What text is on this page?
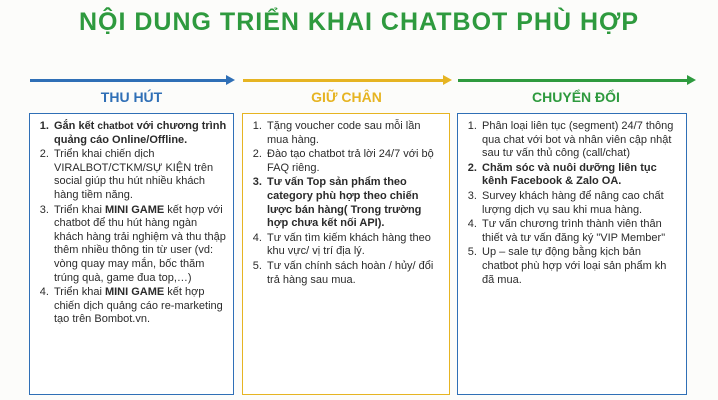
NỘI DUNG TRIỂN KHAI CHATBOT PHÙ HỢP
THU HÚT	GIỮ CHÂN	CHUYỂN ĐỔI
1. Gắn kết chatbot với chương trình quảng cáo Online/Offline.
2. Triển khai chiến dịch VIRALBOT/CTKM/SỰ KIỆN trên social giúp thu hút nhiều khách hàng tiềm năng.
3. Triển khai MINI GAME kết hợp với chatbot để thu hút hàng ngàn khách hàng trải nghiệm và thu thập thêm nhiều thông tin từ user (vd: vòng quay may mắn, bốc thăm trúng quà, game đua top,…)
4. Triển khai MINI GAME kết hợp chiến dịch quảng cáo re-marketing tạo trên Bombot.vn.
1. Tặng voucher code sau mỗi lần mua hàng.
2. Đào tạo chatbot trả lời 24/7 với bộ FAQ riêng.
3. Tư vấn Top sản phẩm theo category phù hợp theo chiến lược bán hàng( Trong trường hợp chưa kết nối API).
4. Tư vấn tìm kiếm khách hàng theo khu vực/ vị trí địa lý.
5. Tư vấn chính sách hoàn / hủy/ đổi trả hàng sau mua.
1. Phân loại liên tục (segment) 24/7 thông qua chat với bot và nhân viên cập nhật sau tư vấn thủ công (call/chat)
2. Chăm sóc và nuôi dưỡng liên tục kênh Facebook & Zalo OA.
3. Survey khách hàng để nâng cao chất lượng dịch vụ sau khi mua hàng.
4. Tư vấn chương trình thành viên thân thiết và tư vấn đăng ký "VIP Member"
5. Up – sale tự động bằng kịch bản chatbot phù hợp với loại sản phẩm kh đã mua.
